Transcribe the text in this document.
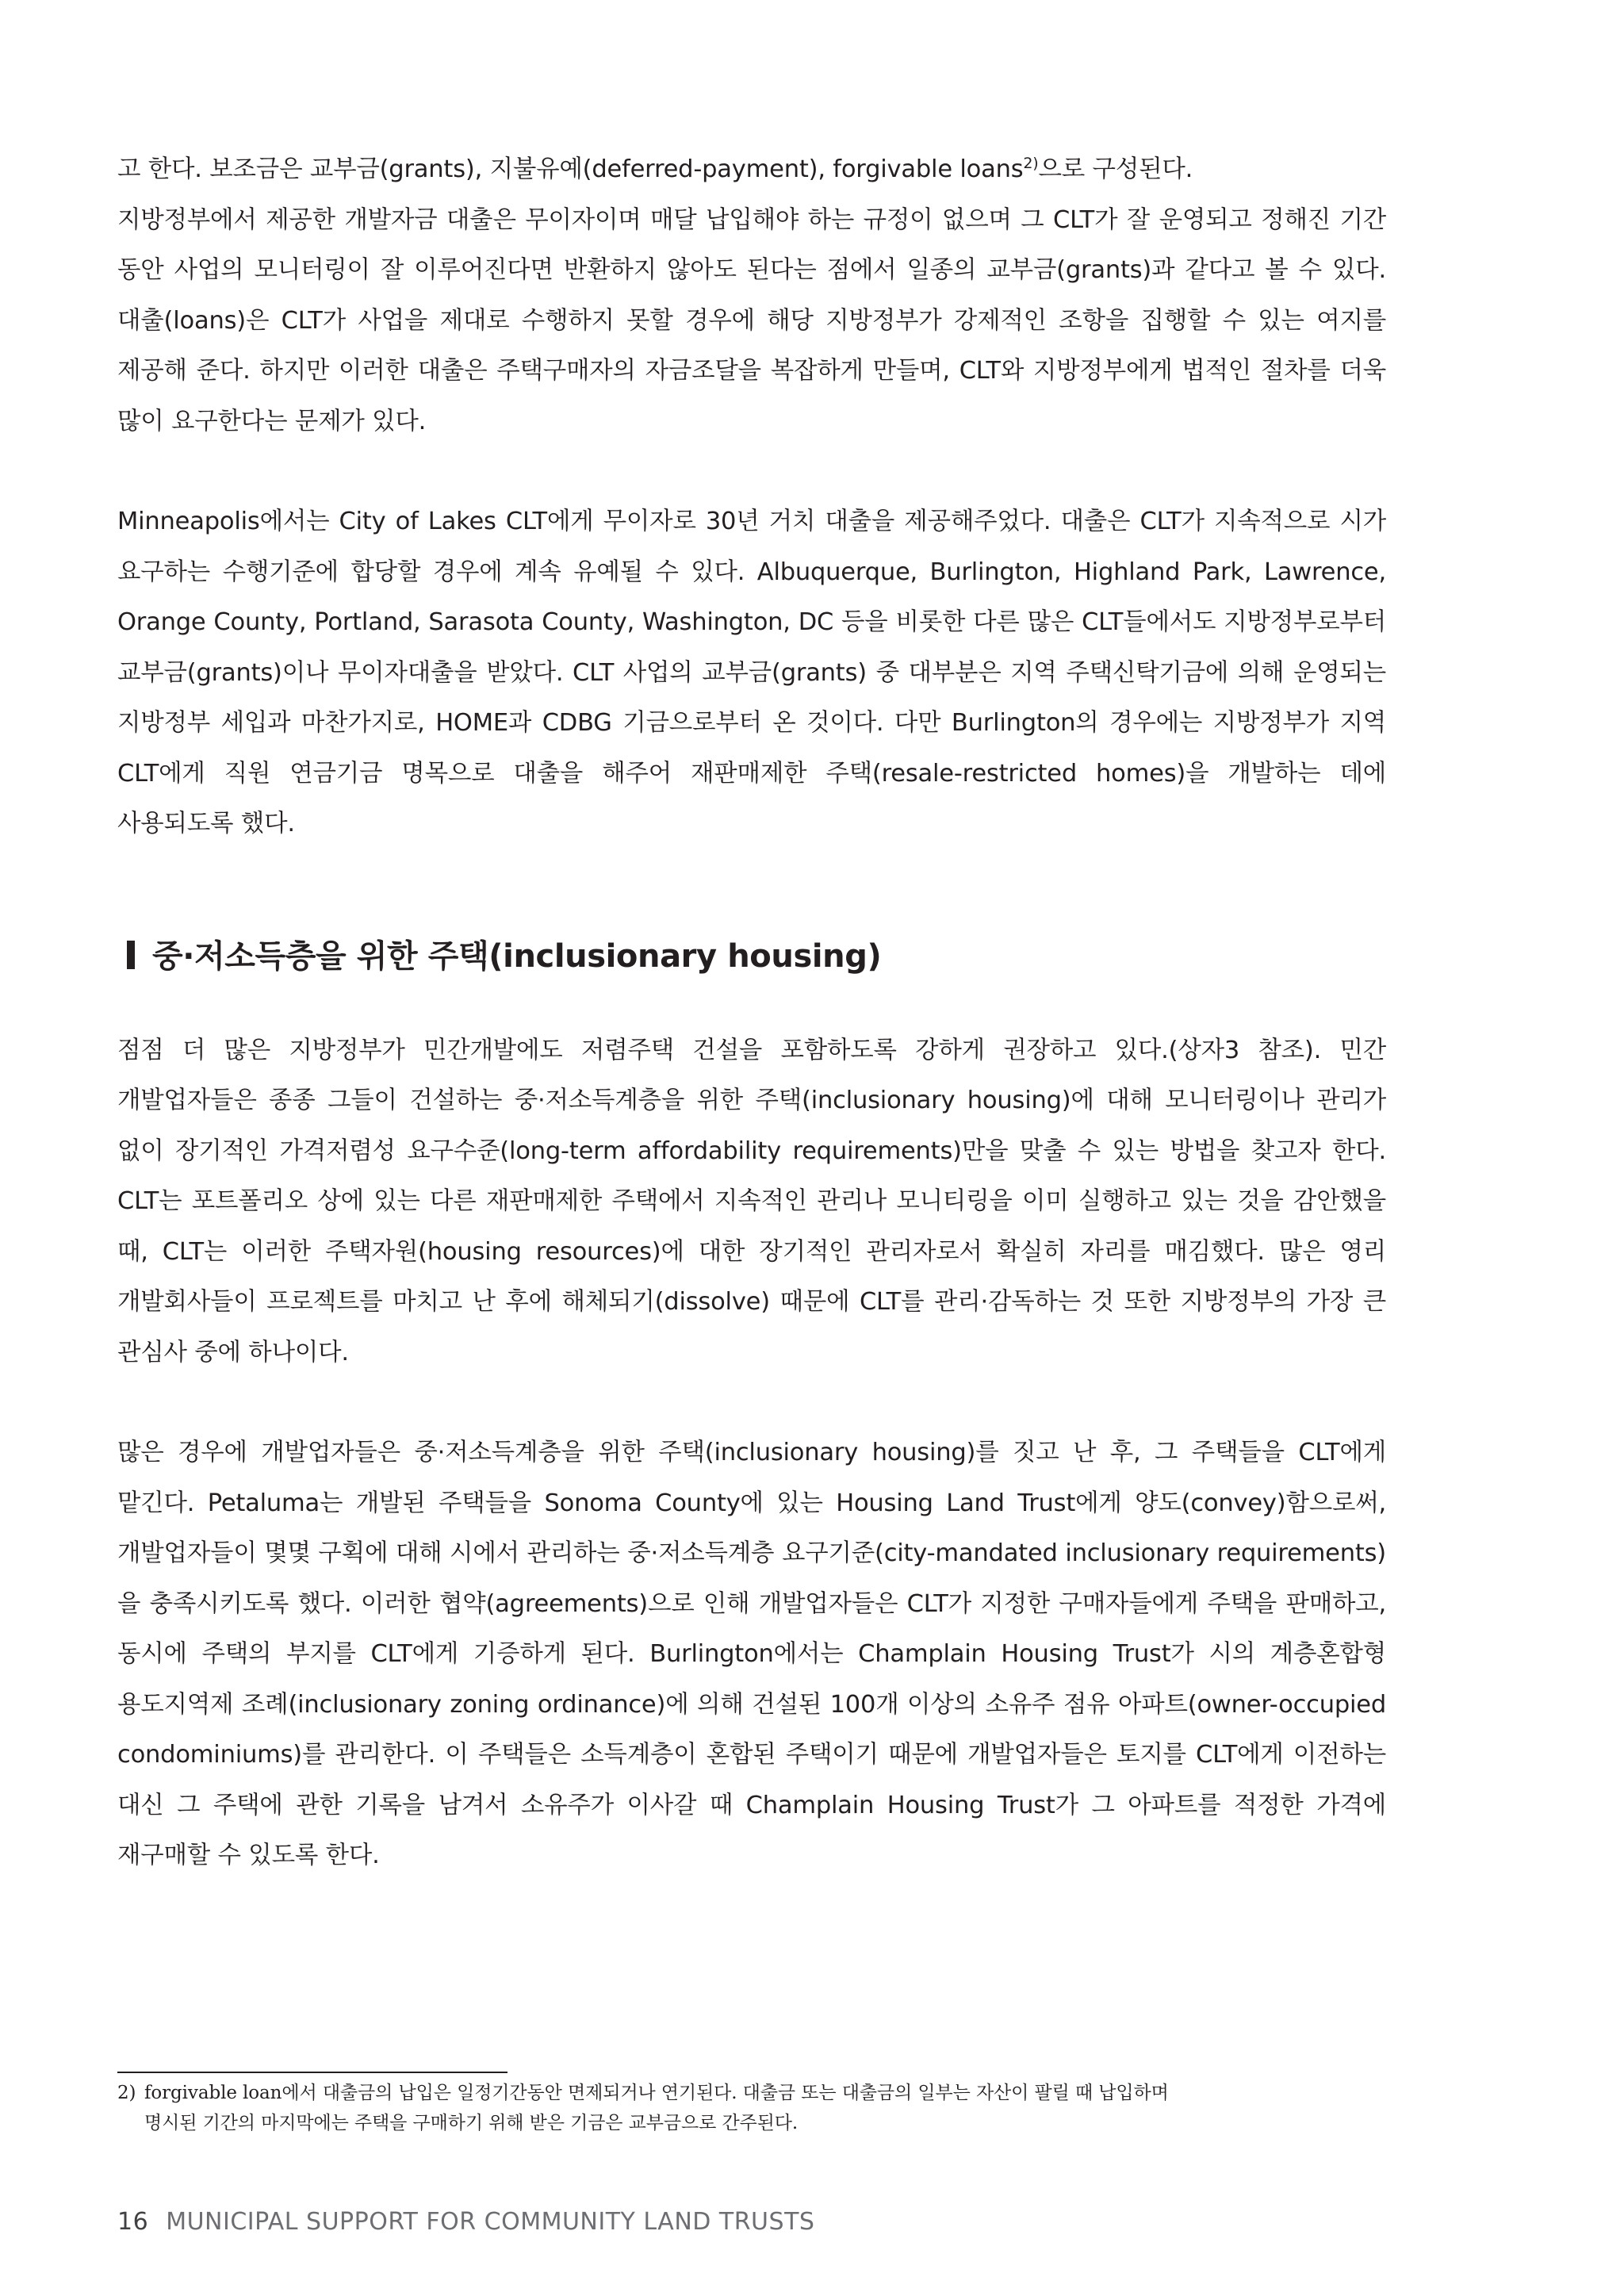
고 한다. 보조금은 교부금(grants), 지불유예(deferred-payment), forgivable loans$^{2)}$으로 구성된다.

지방정부에서 제공한 개발자금 대출은 무이자이며 매달 납입해야 하는 규정이 없으며 그 CLT가 잘 운영되고 정해진 기간 동안 사업의 모니터링이 잘 이루어진다면 반환하지 않아도 된다는 점에서 일종의 교부금(grants)과 같다고 볼 수 있다. 대출(loans)은 CLT가 사업을 제대로 수행하지 못할 경우에 해당 지방정부가 강제적인 조항을 집행할 수 있는 여지를 제공해 준다. 하지만 이러한 대출은 주택구매자의 자금조달을 복잡하게 만들며, CLT와 지방정부에게 법적인 절차를 더욱 많이 요구한다는 문제가 있다.

Minneapolis에서는 City of Lakes CLT에게 무이자로 30년 거치 대출을 제공해주었다. 대출은 CLT가 지속적으로 시가 요구하는 수행기준에 합당할 경우에 계속 유예될 수 있다. Albuquerque, Burlington, Highland Park, Lawrence, Orange County, Portland, Sarasota County, Washington, DC 등을 비롯한 다른 많은 CLT들에서도 지방정부로부터 교부금(grants)이나 무이자대출을 받았다. CLT 사업의 교부금(grants) 중 대부분은 지역 주택신탁기금에 의해 운영되는 지방정부 세입과 마찬가지로, HOME과 CDBG 기금으로부터 온 것이다. 다만 Burlington의 경우에는 지방정부가 지역 CLT에게 직원 연금기금 명목으로 대출을 해주어 재판매제한 주택(resale-restricted homes)을 개발하는 데에 사용되도록 했다.

중·저소득층을 위한 주택(inclusionary housing)

점점 더 많은 지방정부가 민간개발에도 저렴주택 건설을 포함하도록 강하게 권장하고 있다.(상자3 참조). 민간 개발업자들은 종종 그들이 건설하는 중·저소득계층을 위한 주택(inclusionary housing)에 대해 모니터링이나 관리가 없이 장기적인 가격저렴성 요구수준(long-term affordability requirements)만을 맞출 수 있는 방법을 찾고자 한다. CLT는 포트폴리오 상에 있는 다른 재판매제한 주택에서 지속적인 관리나 모니티링을 이미 실행하고 있는 것을 감안했을 때, CLT는 이러한 주택자원(housing resources)에 대한 장기적인 관리자로서 확실히 자리를 매김했다. 많은 영리 개발회사들이 프로젝트를 마치고 난 후에 해체되기(dissolve) 때문에 CLT를 관리·감독하는 것 또한 지방정부의 가장 큰 관심사 중에 하나이다.

많은 경우에 개발업자들은 중·저소득계층을 위한 주택(inclusionary housing)를 짓고 난 후, 그 주택들을 CLT에게 맡긴다. Petaluma는 개발된 주택들을 Sonoma County에 있는 Housing Land Trust에게 양도(convey)함으로써, 개발업자들이 몇몇 구획에 대해 시에서 관리하는 중·저소득계층 요구기준(city-mandated inclusionary requirements)을 충족시키도록 했다. 이러한 협약(agreements)으로 인해 개발업자들은 CLT가 지정한 구매자들에게 주택을 판매하고, 동시에 주택의 부지를 CLT에게 기증하게 된다. Burlington에서는 Champlain Housing Trust가 시의 계층혼합형 용도지역제 조례(inclusionary zoning ordinance)에 의해 건설된 100개 이상의 소유주 점유 아파트(owner-occupied condominiums)를 관리한다. 이 주택들은 소득계층이 혼합된 주택이기 때문에 개발업자들은 토지를 CLT에게 이전하는 대신 그 주택에 관한 기록을 남겨서 소유주가 이사갈 때 Champlain Housing Trust가 그 아파트를 적정한 가격에 재구매할 수 있도록 한다.

2) forgivable loan에서 대출금의 납입은 일정기간동안 면제되거나 연기된다. 대출금 또는 대출금의 일부는 자산이 팔릴 때 납입하며
명시된 기간의 마지막에는 주택을 구매하기 위해 받은 기금은 교부금으로 간주된다.
16 MUNICIPAL SUPPORT FOR COMMUNITY LAND TRUSTS
